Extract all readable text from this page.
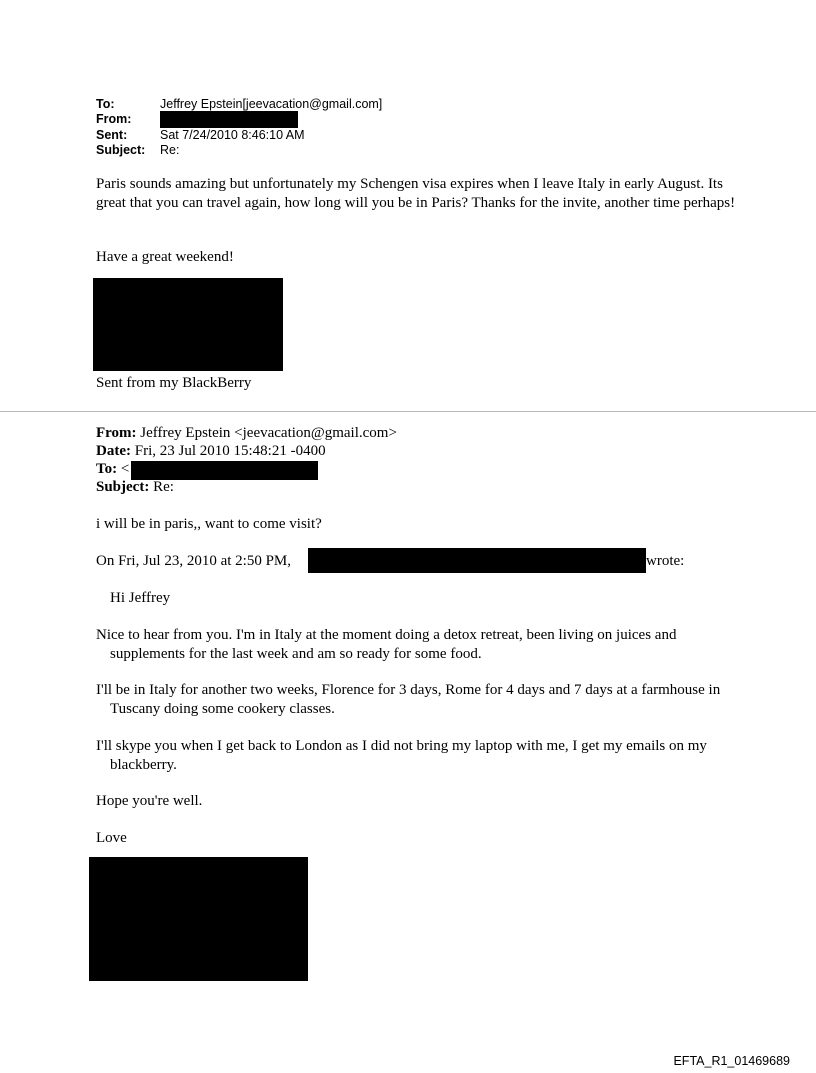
To:	Jeffrey Epstein[jeevacation@gmail.com]
From:
Sent:	Sat 7/24/2010 8:46:10 AM
Subject: Re:
Paris sounds amazing but unfortunately my Schengen visa expires when I leave Italy in early August. Its great that you can travel again, how long will you be in Paris? Thanks for the invite, another time perhaps!
Have a great weekend!
Sent from my BlackBerry
From: Jeffrey Epstein <jeevacation@gmail.com>
Date: Fri, 23 Jul 2010 15:48:21 -0400
To: <
Subject: Re:
i will be in paris,, want to come visit?
On Fri, Jul 23, 2010 at 2:50 PM,	wrote:
Hi Jeffrey
Nice to hear from you. I'm in Italy at the moment doing a detox retreat, been living on juices and supplements for the last week and am so ready for some food.
I'll be in Italy for another two weeks, Florence for 3 days, Rome for 4 days and 7 days at a farmhouse in Tuscany doing some cookery classes.
I'll skype you when I get back to London as I did not bring my laptop with me, I get my emails on my blackberry.
Hope you're well.
Love
EFTA_R1_01469689
